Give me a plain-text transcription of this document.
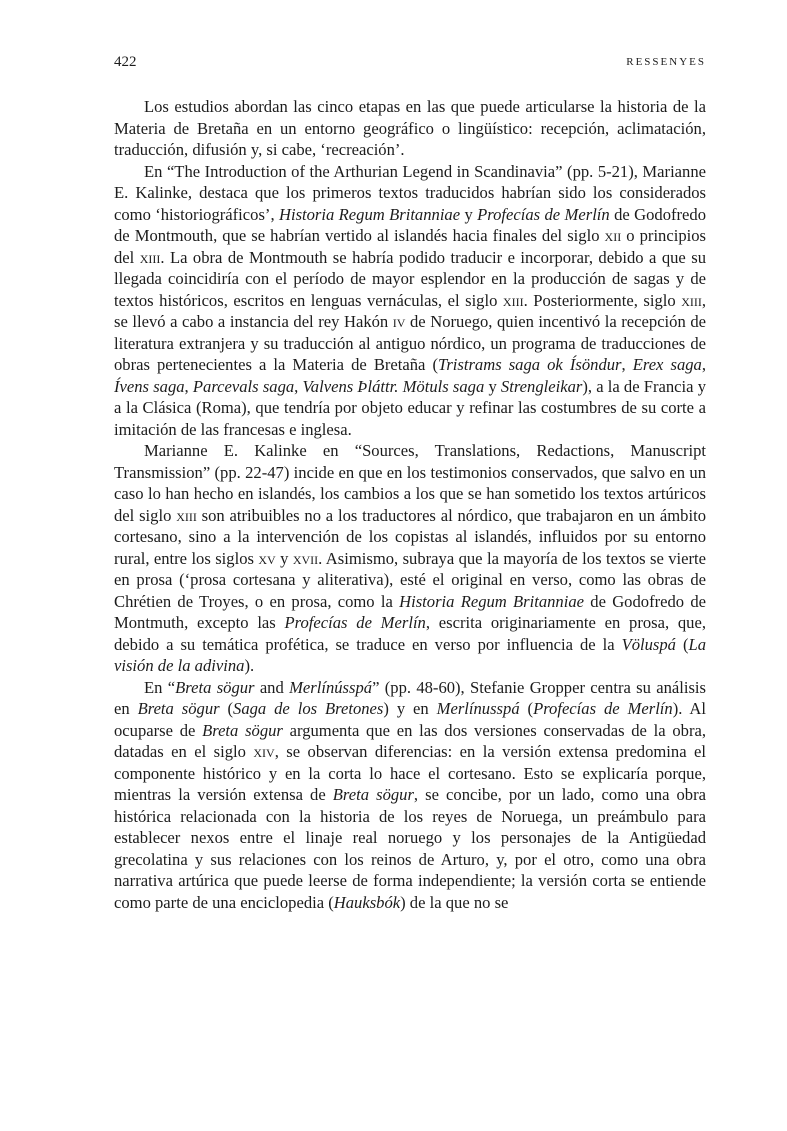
422	RESSENYES

Los estudios abordan las cinco etapas en las que puede articularse la historia de la Materia de Bretaña en un entorno geográfico o lingüístico: recepción, aclimatación, traducción, difusión y, si cabe, ‘recreación’.

En “The Introduction of the Arthurian Legend in Scandinavia” (pp. 5-21), Marianne E. Kalinke, destaca que los primeros textos traducidos habrían sido los considerados como ‘historiográficos’, Historia Regum Britanniae y Profecías de Merlín de Godofredo de Montmouth, que se habrían vertido al islandés hacia finales del siglo xii o principios del xiii. La obra de Montmouth se habría podido traducir e incorporar, debido a que su llegada coincidiría con el período de mayor esplendor en la producción de sagas y de textos históricos, escritos en lenguas vernáculas, el siglo xiii. Posteriormente, siglo xiii, se llevó a cabo a instancia del rey Hakón iv de Noruego, quien incentivó la recepción de literatura extranjera y su traducción al antiguo nórdico, un programa de traducciones de obras pertenecientes a la Materia de Bretaña (Tristrams saga ok Ísöndur, Erex saga, Ívens saga, Parcevals saga, Valvens Þláttr. Mötuls saga y Strengleikar), a la de Francia y a la Clásica (Roma), que tendría por objeto educar y refinar las costumbres de su corte a imitación de las francesas e inglesa.

Marianne E. Kalinke en “Sources, Translations, Redactions, Manuscript Transmission” (pp. 22-47) incide en que en los testimonios conservados, que salvo en un caso lo han hecho en islandés, los cambios a los que se han sometido los textos artúricos del siglo xiii son atribuibles no a los traductores al nórdico, que trabajaron en un ámbito cortesano, sino a la intervención de los copistas al islandés, influidos por su entorno rural, entre los siglos xv y xvii. Asimismo, subraya que la mayoría de los textos se vierte en prosa (‘prosa cortesana y aliterativa), esté el original en verso, como las obras de Chrétien de Troyes, o en prosa, como la Historia Regum Britanniae de Godofredo de Montmuth, excepto las Profecías de Merlín, escrita originariamente en prosa, que, debido a su temática profética, se traduce en verso por influencia de la Völuspá (La visión de la adivina).

En “Breta sögur and Merlínússpá” (pp. 48-60), Stefanie Gropper centra su análisis en Breta sögur (Saga de los Bretones) y en Merlínusspá (Profecías de Merlín). Al ocuparse de Breta sögur argumenta que en las dos versiones conservadas de la obra, datadas en el siglo xiv, se observan diferencias: en la versión extensa predomina el componente histórico y en la corta lo hace el cortesano. Esto se explicaría porque, mientras la versión extensa de Breta sögur, se concibe, por un lado, como una obra histórica relacionada con la historia de los reyes de Noruega, un preámbulo para establecer nexos entre el linaje real noruego y los personajes de la Antigüedad grecolatina y sus relaciones con los reinos de Arturo, y, por el otro, como una obra narrativa artúrica que puede leerse de forma independiente; la versión corta se entiende como parte de una enciclopedia (Hauksbók) de la que no se
